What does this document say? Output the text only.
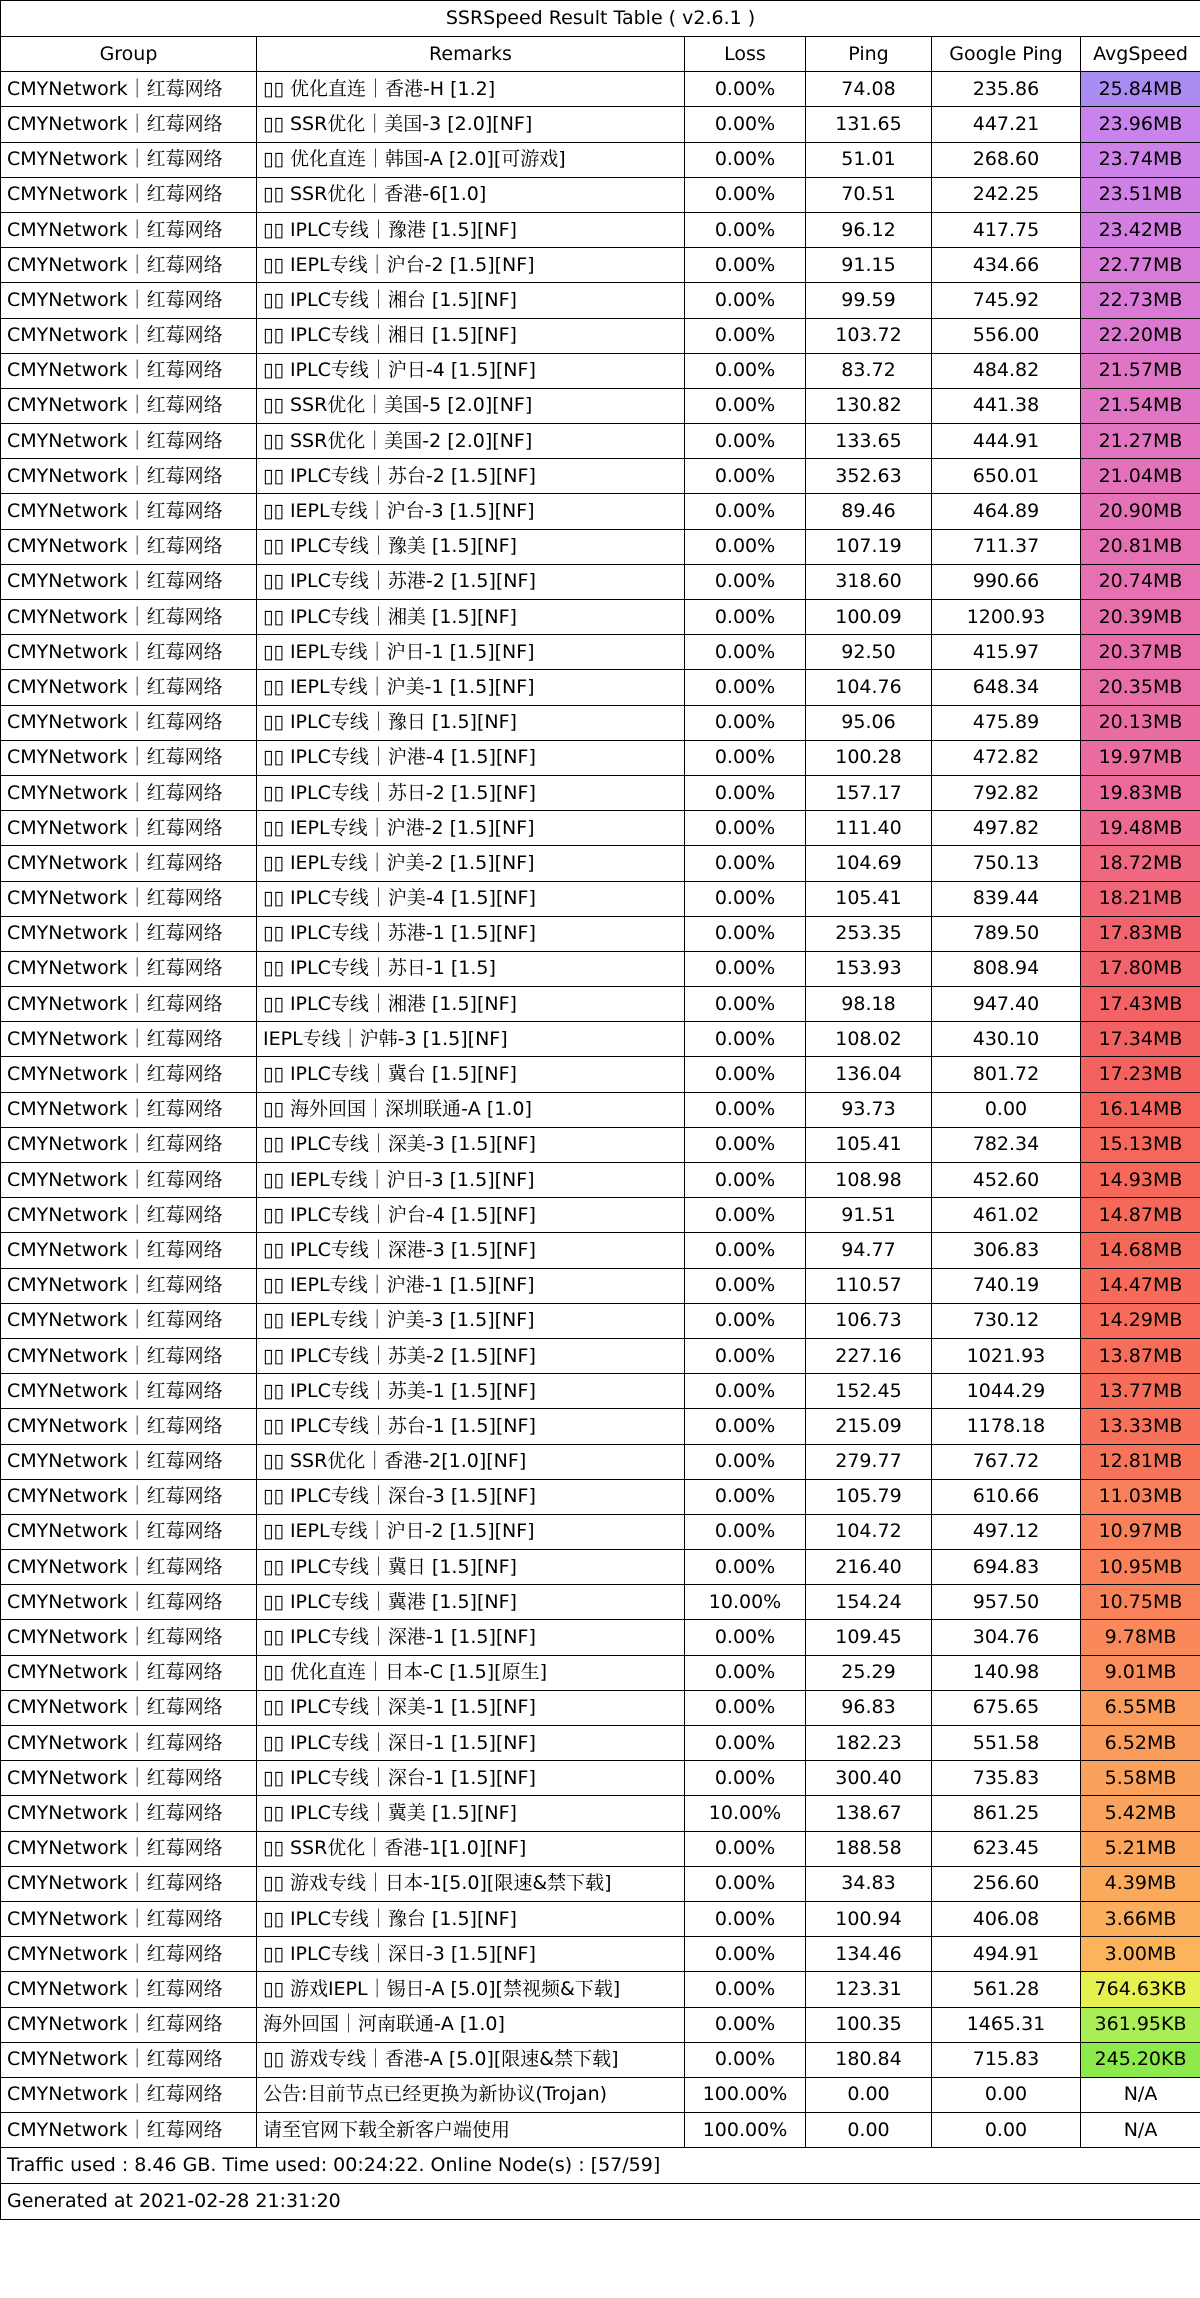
SSRSpeed Result Table ( v2.6.1 )					
Group	Remarks	Loss	Ping	Google Ping	AvgSpeed
CMYNetwork｜红莓网络	▯▯ 优化直连｜香港-H [1.2]	0.00%	74.08	235.86	25.84MB
CMYNetwork｜红莓网络	▯▯ SSR优化｜美国-3 [2.0][NF]	0.00%	131.65	447.21	23.96MB
CMYNetwork｜红莓网络	▯▯ 优化直连｜韩国-A [2.0][可游戏]	0.00%	51.01	268.60	23.74MB
CMYNetwork｜红莓网络	▯▯ SSR优化｜香港-6[1.0]	0.00%	70.51	242.25	23.51MB
CMYNetwork｜红莓网络	▯▯ IPLC专线｜豫港 [1.5][NF]	0.00%	96.12	417.75	23.42MB
CMYNetwork｜红莓网络	▯▯ IEPL专线｜沪台-2 [1.5][NF]	0.00%	91.15	434.66	22.77MB
CMYNetwork｜红莓网络	▯▯ IPLC专线｜湘台 [1.5][NF]	0.00%	99.59	745.92	22.73MB
CMYNetwork｜红莓网络	▯▯ IPLC专线｜湘日 [1.5][NF]	0.00%	103.72	556.00	22.20MB
CMYNetwork｜红莓网络	▯▯ IPLC专线｜沪日-4 [1.5][NF]	0.00%	83.72	484.82	21.57MB
CMYNetwork｜红莓网络	▯▯ SSR优化｜美国-5 [2.0][NF]	0.00%	130.82	441.38	21.54MB
CMYNetwork｜红莓网络	▯▯ SSR优化｜美国-2 [2.0][NF]	0.00%	133.65	444.91	21.27MB
CMYNetwork｜红莓网络	▯▯ IPLC专线｜苏台-2 [1.5][NF]	0.00%	352.63	650.01	21.04MB
CMYNetwork｜红莓网络	▯▯ IEPL专线｜沪台-3 [1.5][NF]	0.00%	89.46	464.89	20.90MB
CMYNetwork｜红莓网络	▯▯ IPLC专线｜豫美 [1.5][NF]	0.00%	107.19	711.37	20.81MB
CMYNetwork｜红莓网络	▯▯ IPLC专线｜苏港-2 [1.5][NF]	0.00%	318.60	990.66	20.74MB
CMYNetwork｜红莓网络	▯▯ IPLC专线｜湘美 [1.5][NF]	0.00%	100.09	1200.93	20.39MB
CMYNetwork｜红莓网络	▯▯ IEPL专线｜沪日-1 [1.5][NF]	0.00%	92.50	415.97	20.37MB
CMYNetwork｜红莓网络	▯▯ IEPL专线｜沪美-1 [1.5][NF]	0.00%	104.76	648.34	20.35MB
CMYNetwork｜红莓网络	▯▯ IPLC专线｜豫日 [1.5][NF]	0.00%	95.06	475.89	20.13MB
CMYNetwork｜红莓网络	▯▯ IPLC专线｜沪港-4 [1.5][NF]	0.00%	100.28	472.82	19.97MB
CMYNetwork｜红莓网络	▯▯ IPLC专线｜苏日-2 [1.5][NF]	0.00%	157.17	792.82	19.83MB
CMYNetwork｜红莓网络	▯▯ IEPL专线｜沪港-2 [1.5][NF]	0.00%	111.40	497.82	19.48MB
CMYNetwork｜红莓网络	▯▯ IEPL专线｜沪美-2 [1.5][NF]	0.00%	104.69	750.13	18.72MB
CMYNetwork｜红莓网络	▯▯ IPLC专线｜沪美-4 [1.5][NF]	0.00%	105.41	839.44	18.21MB
CMYNetwork｜红莓网络	▯▯ IPLC专线｜苏港-1 [1.5][NF]	0.00%	253.35	789.50	17.83MB
CMYNetwork｜红莓网络	▯▯ IPLC专线｜苏日-1 [1.5]	0.00%	153.93	808.94	17.80MB
CMYNetwork｜红莓网络	▯▯ IPLC专线｜湘港 [1.5][NF]	0.00%	98.18	947.40	17.43MB
CMYNetwork｜红莓网络	IEPL专线｜沪韩-3 [1.5][NF]	0.00%	108.02	430.10	17.34MB
CMYNetwork｜红莓网络	▯▯ IPLC专线｜冀台 [1.5][NF]	0.00%	136.04	801.72	17.23MB
CMYNetwork｜红莓网络	▯▯ 海外回国｜深圳联通-A [1.0]	0.00%	93.73	0.00	16.14MB
CMYNetwork｜红莓网络	▯▯ IPLC专线｜深美-3 [1.5][NF]	0.00%	105.41	782.34	15.13MB
CMYNetwork｜红莓网络	▯▯ IEPL专线｜沪日-3 [1.5][NF]	0.00%	108.98	452.60	14.93MB
CMYNetwork｜红莓网络	▯▯ IPLC专线｜沪台-4 [1.5][NF]	0.00%	91.51	461.02	14.87MB
CMYNetwork｜红莓网络	▯▯ IPLC专线｜深港-3 [1.5][NF]	0.00%	94.77	306.83	14.68MB
CMYNetwork｜红莓网络	▯▯ IEPL专线｜沪港-1 [1.5][NF]	0.00%	110.57	740.19	14.47MB
CMYNetwork｜红莓网络	▯▯ IEPL专线｜沪美-3 [1.5][NF]	0.00%	106.73	730.12	14.29MB
CMYNetwork｜红莓网络	▯▯ IPLC专线｜苏美-2 [1.5][NF]	0.00%	227.16	1021.93	13.87MB
CMYNetwork｜红莓网络	▯▯ IPLC专线｜苏美-1 [1.5][NF]	0.00%	152.45	1044.29	13.77MB
CMYNetwork｜红莓网络	▯▯ IPLC专线｜苏台-1 [1.5][NF]	0.00%	215.09	1178.18	13.33MB
CMYNetwork｜红莓网络	▯▯ SSR优化｜香港-2[1.0][NF]	0.00%	279.77	767.72	12.81MB
CMYNetwork｜红莓网络	▯▯ IPLC专线｜深台-3 [1.5][NF]	0.00%	105.79	610.66	11.03MB
CMYNetwork｜红莓网络	▯▯ IEPL专线｜沪日-2 [1.5][NF]	0.00%	104.72	497.12	10.97MB
CMYNetwork｜红莓网络	▯▯ IPLC专线｜冀日 [1.5][NF]	0.00%	216.40	694.83	10.95MB
CMYNetwork｜红莓网络	▯▯ IPLC专线｜冀港 [1.5][NF]	10.00%	154.24	957.50	10.75MB
CMYNetwork｜红莓网络	▯▯ IPLC专线｜深港-1 [1.5][NF]	0.00%	109.45	304.76	9.78MB
CMYNetwork｜红莓网络	▯▯ 优化直连｜日本-C [1.5][原生]	0.00%	25.29	140.98	9.01MB
CMYNetwork｜红莓网络	▯▯ IPLC专线｜深美-1 [1.5][NF]	0.00%	96.83	675.65	6.55MB
CMYNetwork｜红莓网络	▯▯ IPLC专线｜深日-1 [1.5][NF]	0.00%	182.23	551.58	6.52MB
CMYNetwork｜红莓网络	▯▯ IPLC专线｜深台-1 [1.5][NF]	0.00%	300.40	735.83	5.58MB
CMYNetwork｜红莓网络	▯▯ IPLC专线｜冀美 [1.5][NF]	10.00%	138.67	861.25	5.42MB
CMYNetwork｜红莓网络	▯▯ SSR优化｜香港-1[1.0][NF]	0.00%	188.58	623.45	5.21MB
CMYNetwork｜红莓网络	▯▯ 游戏专线｜日本-1[5.0][限速&禁下载]	0.00%	34.83	256.60	4.39MB
CMYNetwork｜红莓网络	▯▯ IPLC专线｜豫台 [1.5][NF]	0.00%	100.94	406.08	3.66MB
CMYNetwork｜红莓网络	▯▯ IPLC专线｜深日-3 [1.5][NF]	0.00%	134.46	494.91	3.00MB
CMYNetwork｜红莓网络	▯▯ 游戏IEPL｜锡日-A [5.0][禁视频&下载]	0.00%	123.31	561.28	764.63KB
CMYNetwork｜红莓网络	海外回国｜河南联通-A [1.0]	0.00%	100.35	1465.31	361.95KB
CMYNetwork｜红莓网络	▯▯ 游戏专线｜香港-A [5.0][限速&禁下载]	0.00%	180.84	715.83	245.20KB
CMYNetwork｜红莓网络	公告:目前节点已经更换为新协议(Trojan)	100.00%	0.00	0.00	N/A
CMYNetwork｜红莓网络	请至官网下载全新客户端使用	100.00%	0.00	0.00	N/A
Traffic used : 8.46 GB. Time used: 00:24:22. Online Node(s) : [57/59]					
Generated at 2021-02-28 21:31:20					
